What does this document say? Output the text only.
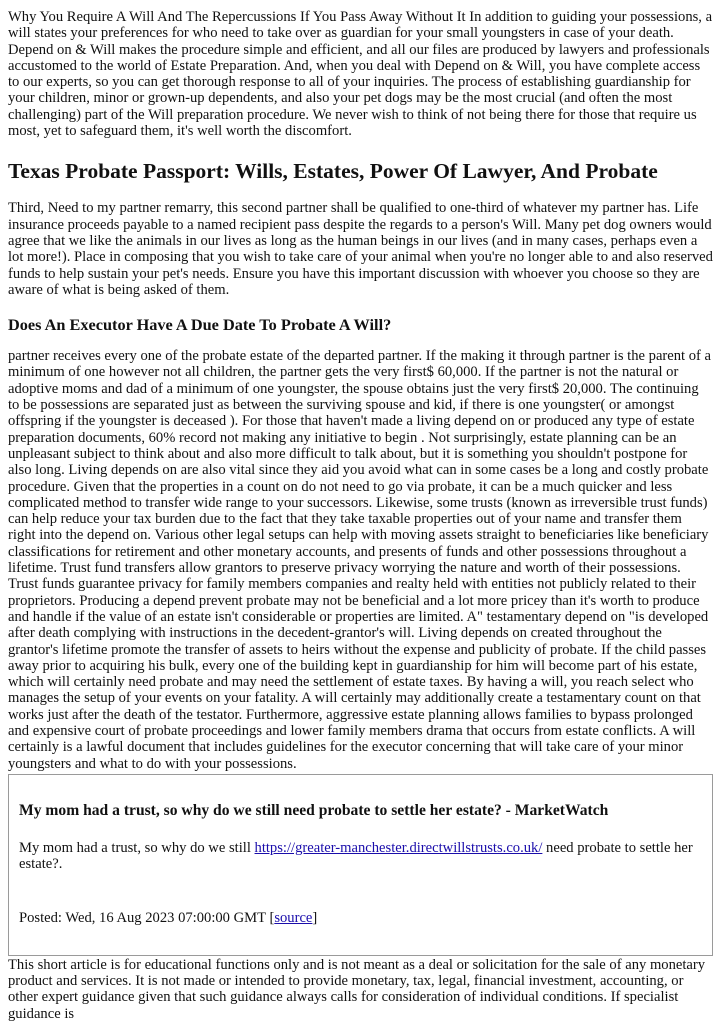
Why You Require A Will And The Repercussions If You Pass Away Without It In addition to guiding your possessions, a will states your preferences for who need to take over as guardian for your small youngsters in case of your death. Depend on & Will makes the procedure simple and efficient, and all our files are produced by lawyers and professionals accustomed to the world of Estate Preparation. And, when you deal with Depend on & Will, you have complete access to our experts, so you can get thorough response to all of your inquiries. The process of establishing guardianship for your children, minor or grown-up dependents, and also your pet dogs may be the most crucial (and often the most challenging) part of the Will preparation procedure. We never wish to think of not being there for those that require us most, yet to safeguard them, it's well worth the discomfort.

Texas Probate Passport: Wills, Estates, Power Of Lawyer, And Probate

Third, Need to my partner remarry, this second partner shall be qualified to one-third of whatever my partner has. Life insurance proceeds payable to a named recipient pass despite the regards to a person's Will. Many pet dog owners would agree that we like the animals in our lives as long as the human beings in our lives (and in many cases, perhaps even a lot more!). Place in composing that you wish to take care of your animal when you're no longer able to and also reserved funds to help sustain your pet's needs. Ensure you have this important discussion with whoever you choose so they are aware of what is being asked of them.

Does An Executor Have A Due Date To Probate A Will?

partner receives every one of the probate estate of the departed partner. If the making it through partner is the parent of a minimum of one however not all children, the partner gets the very first$ 60,000. If the partner is not the natural or adoptive moms and dad of a minimum of one youngster, the spouse obtains just the very first$ 20,000. The continuing to be possessions are separated just as between the surviving spouse and kid, if there is one youngster( or amongst offspring if the youngster is deceased ). For those that haven't made a living depend on or produced any type of estate preparation documents, 60% record not making any initiative to begin . Not surprisingly, estate planning can be an unpleasant subject to think about and also more difficult to talk about, but it is something you shouldn't postpone for also long. Living depends on are also vital since they aid you avoid what can in some cases be a long and costly probate procedure. Given that the properties in a count on do not need to go via probate, it can be a much quicker and less complicated method to transfer wide range to your successors. Likewise, some trusts (known as irreversible trust funds) can help reduce your tax burden due to the fact that they take taxable properties out of your name and transfer them right into the depend on. Various other legal setups can help with moving assets straight to beneficiaries like beneficiary classifications for retirement and other monetary accounts, and presents of funds and other possessions throughout a lifetime. Trust fund transfers allow grantors to preserve privacy worrying the nature and worth of their possessions. Trust funds guarantee privacy for family members companies and realty held with entities not publicly related to their proprietors. Producing a depend prevent probate may not be beneficial and a lot more pricey than it's worth to produce and handle if the value of an estate isn't considerable or properties are limited. A" testamentary depend on "is developed after death complying with instructions in the decedent-grantor's will. Living depends on created throughout the grantor's lifetime promote the transfer of assets to heirs without the expense and publicity of probate. If the child passes away prior to acquiring his bulk, every one of the building kept in guardianship for him will become part of his estate, which will certainly need probate and may need the settlement of estate taxes. By having a will, you reach select who manages the setup of your events on your fatality. A will certainly may additionally create a testamentary count on that works just after the death of the testator. Furthermore, aggressive estate planning allows families to bypass prolonged and expensive court of probate proceedings and lower family members drama that occurs from estate conflicts. A will certainly is a lawful document that includes guidelines for the executor concerning that will take care of your minor youngsters and what to do with your possessions.

My mom had a trust, so why do we still need probate to settle her estate? - MarketWatch

My mom had a trust, so why do we still https://greater-manchester.directwillstrusts.co.uk/ need probate to settle her estate?.

Posted: Wed, 16 Aug 2023 07:00:00 GMT [source]

This short article is for educational functions only and is not meant as a deal or solicitation for the sale of any monetary product and services. It is not made or intended to provide monetary, tax, legal, financial investment, accounting, or other expert guidance given that such guidance always calls for consideration of individual conditions. If specialist guidance is
